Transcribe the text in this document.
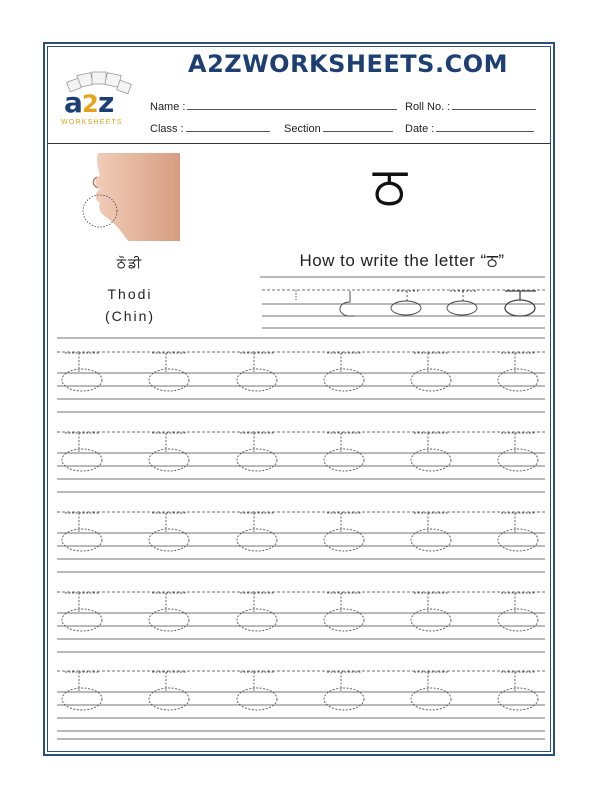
A2ZWORKSHEETS.COM
a 2 z
WORKSHEETS
Name :	Roll No. :
Class :	Section	Date :
ਠ
ਠੋਡੀ
Thodi
(Chin)
How to write the letter “ਠ”
